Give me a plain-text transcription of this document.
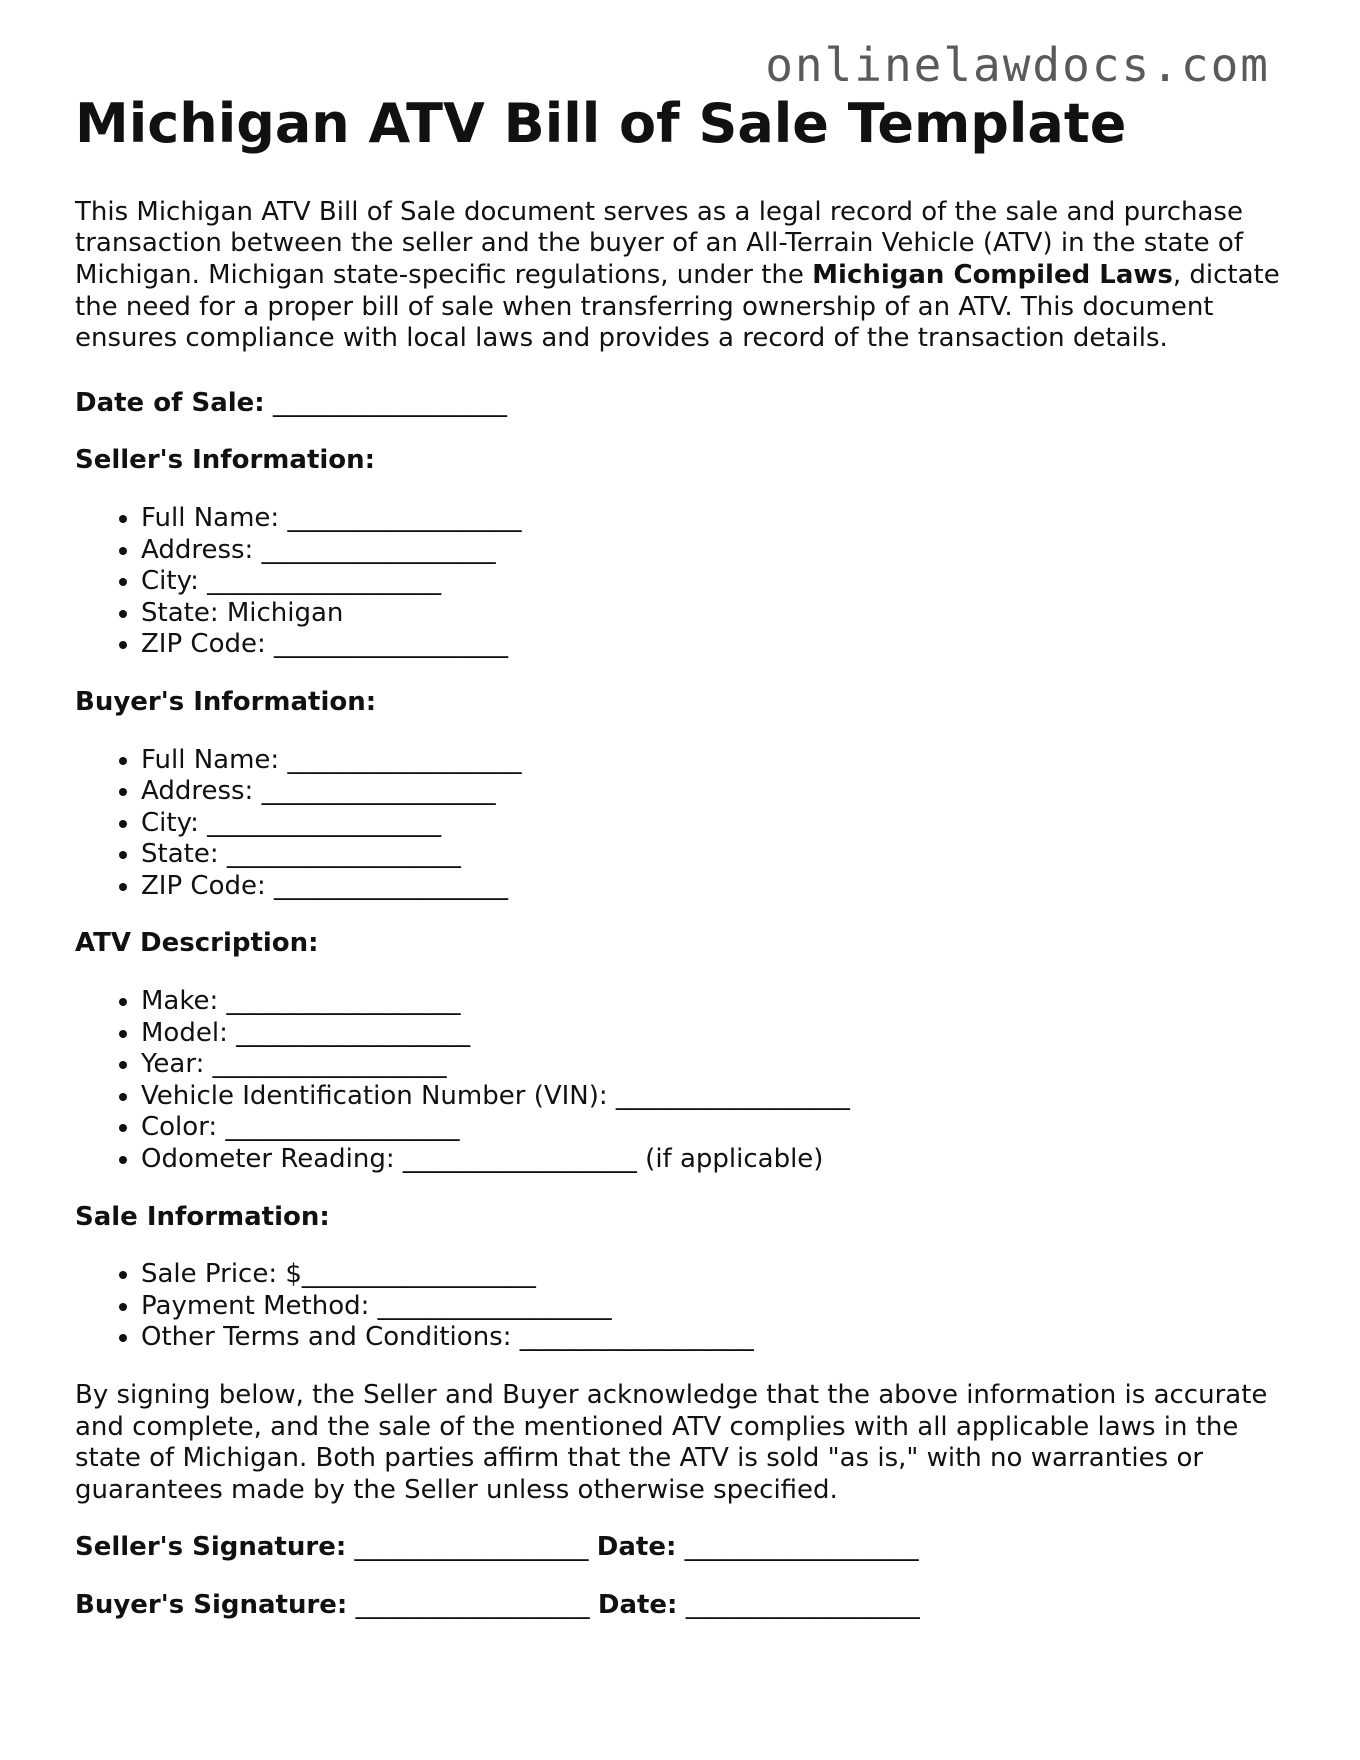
onlinelawdocs.com
Michigan ATV Bill of Sale Template

This Michigan ATV Bill of Sale document serves as a legal record of the sale and purchase transaction between the seller and the buyer of an All-Terrain Vehicle (ATV) in the state of Michigan. Michigan state-specific regulations, under the Michigan Compiled Laws, dictate the need for a proper bill of sale when transferring ownership of an ATV. This document ensures compliance with local laws and provides a record of the transaction details.

Date of Sale: __________________
Seller's Information:
• Full Name: __________________
• Address: __________________
• City: __________________
• State: Michigan
• ZIP Code: __________________
Buyer's Information:
• Full Name: __________________
• Address: __________________
• City: __________________
• State: __________________
• ZIP Code: __________________
ATV Description:
• Make: __________________
• Model: __________________
• Year: __________________
• Vehicle Identification Number (VIN): __________________
• Color: __________________
• Odometer Reading: __________________ (if applicable)
Sale Information:
• Sale Price: $__________________
• Payment Method: __________________
• Other Terms and Conditions: __________________

By signing below, the Seller and Buyer acknowledge that the above information is accurate and complete, and the sale of the mentioned ATV complies with all applicable laws in the state of Michigan. Both parties affirm that the ATV is sold "as is," with no warranties or guarantees made by the Seller unless otherwise specified.

Seller's Signature: __________________ Date: __________________
Buyer's Signature: __________________ Date: __________________
